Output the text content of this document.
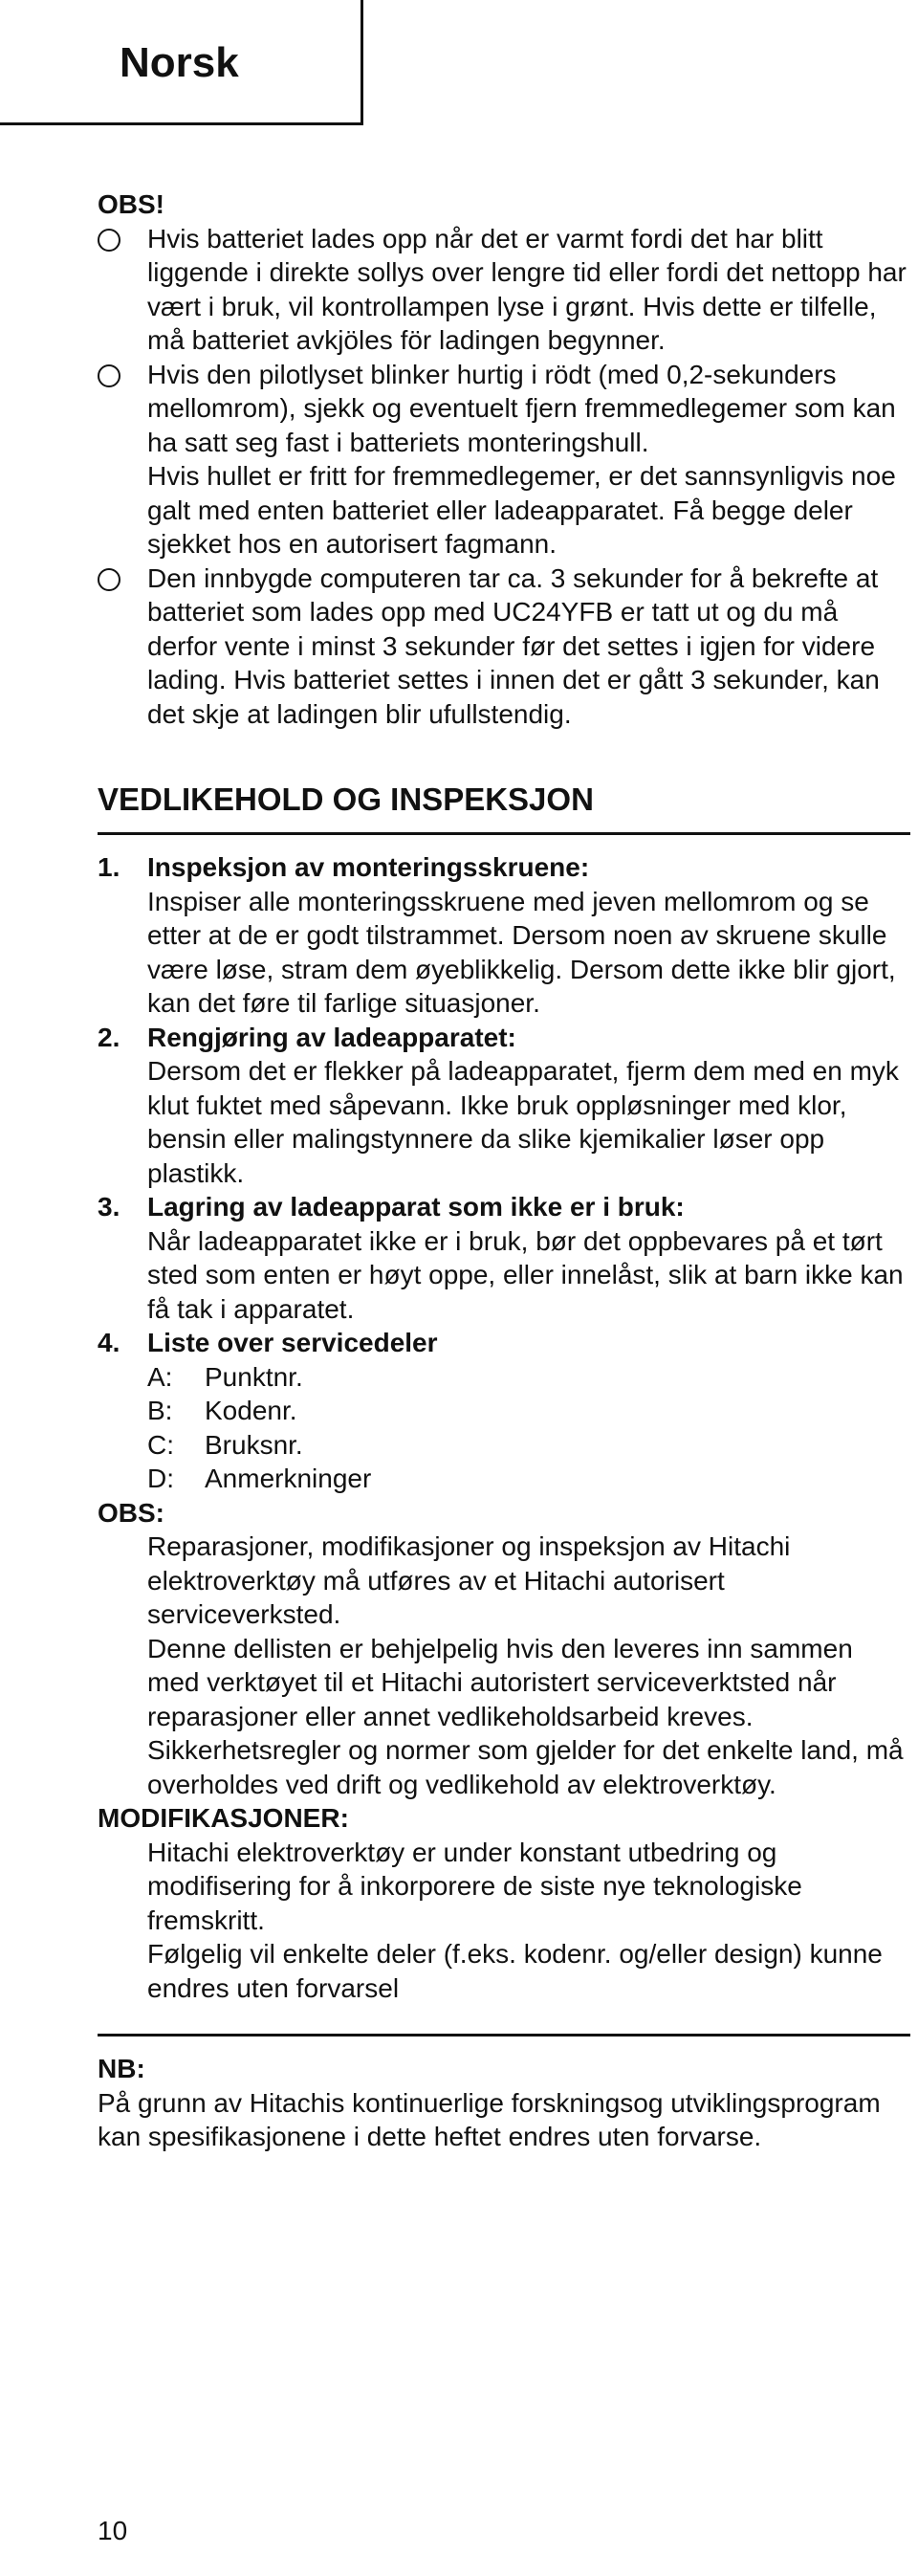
Norsk

OBS!

Hvis batteriet lades opp når det er varmt fordi det har blitt liggende i direkte sollys over lengre tid eller fordi det nettopp har vært i bruk, vil kontrollampen lyse i grønt. Hvis dette er tilfelle, må batteriet avkjöles för ladingen begynner.

Hvis den pilotlyset blinker hurtig i rödt (med 0,2-sekunders mellomrom), sjekk og eventuelt fjern fremmedlegemer som kan ha satt seg fast i batteriets monteringshull.

Hvis hullet er fritt for fremmedlegemer, er det sannsynligvis noe galt med enten batteriet eller ladeapparatet. Få begge deler sjekket hos en autorisert fagmann.

Den innbygde computeren tar ca. 3 sekunder for å bekrefte at batteriet som lades opp med UC24YFB er tatt ut og du må derfor vente i minst 3 sekunder før det settes i igjen for videre lading. Hvis batteriet settes i innen det er gått 3 sekunder, kan det skje at ladingen blir ufullstendig.

VEDLIKEHOLD OG INSPEKSJON
1. Inspeksjon av monteringsskruene:

Inspiser alle monteringsskruene med jeven mellomrom og se etter at de er godt tilstrammet. Dersom noen av skruene skulle være løse, stram dem øyeblikkelig. Dersom dette ikke blir gjort, kan det føre til farlige situasjoner.

2. Rengjøring av ladeapparatet:

Dersom det er flekker på ladeapparatet, fjerm dem med en myk klut fuktet med såpevann. Ikke bruk oppløsninger med klor, bensin eller malingstynnere da slike kjemikalier løser opp plastikk.

3. Lagring av ladeapparat som ikke er i bruk:

Når ladeapparatet ikke er i bruk, bør det oppbevares på et tørt sted som enten er høyt oppe, eller innelåst, slik at barn ikke kan få tak i apparatet.

4. Liste over servicedeler

A:	Punktnr.
B:	Kodenr.
C:	Bruksnr.
D:	Anmerkninger

OBS:

Reparasjoner, modifikasjoner og inspeksjon av Hitachi elektroverktøy må utføres av et Hitachi autorisert serviceverksted.

Denne dellisten er behjelpelig hvis den leveres inn sammen med verktøyet til et Hitachi autoristert serviceverktsted når reparasjoner eller annet vedlikeholdsarbeid kreves.

Sikkerhetsregler og normer som gjelder for det enkelte land, må overholdes ved drift og vedlikehold av elektroverktøy.

MODIFIKASJONER:

Hitachi elektroverktøy er under konstant utbedring og modifisering for å inkorporere de siste nye teknologiske fremskritt.

Følgelig vil enkelte deler (f.eks. kodenr. og/eller design) kunne endres uten forvarsel

NB:

På grunn av Hitachis kontinuerlige forskningsog utviklingsprogram kan spesifikasjonene i dette heftet endres uten forvarse.

10
